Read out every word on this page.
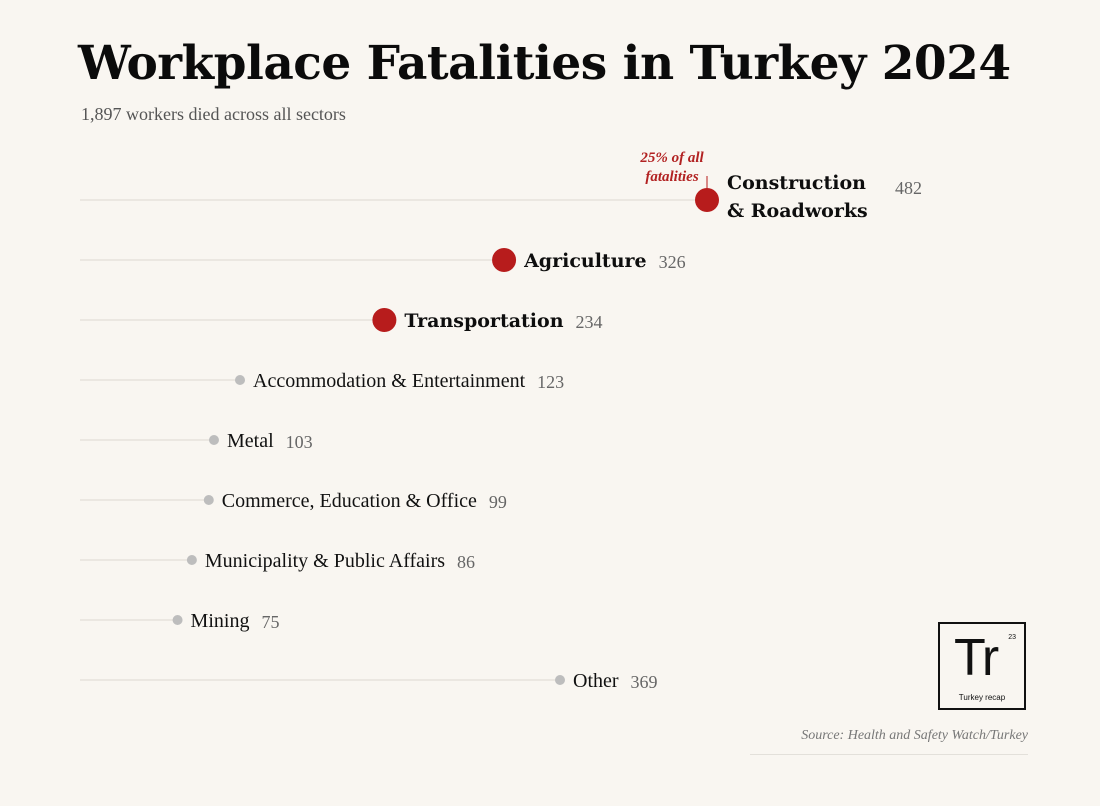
Workplace Fatalities in Turkey 2024
1,897 workers died across all sectors
Construction
& Roadworks
482
Agriculture 326
Transportation 234
Accommodation & Entertainment 123
Metal 103
Commerce, Education & Office 99
Municipality & Public Affairs 86
Mining 75
Other 369
25% of all
fatalities
Tr 23
Turkey recap
Source: Health and Safety Watch/Turkey
